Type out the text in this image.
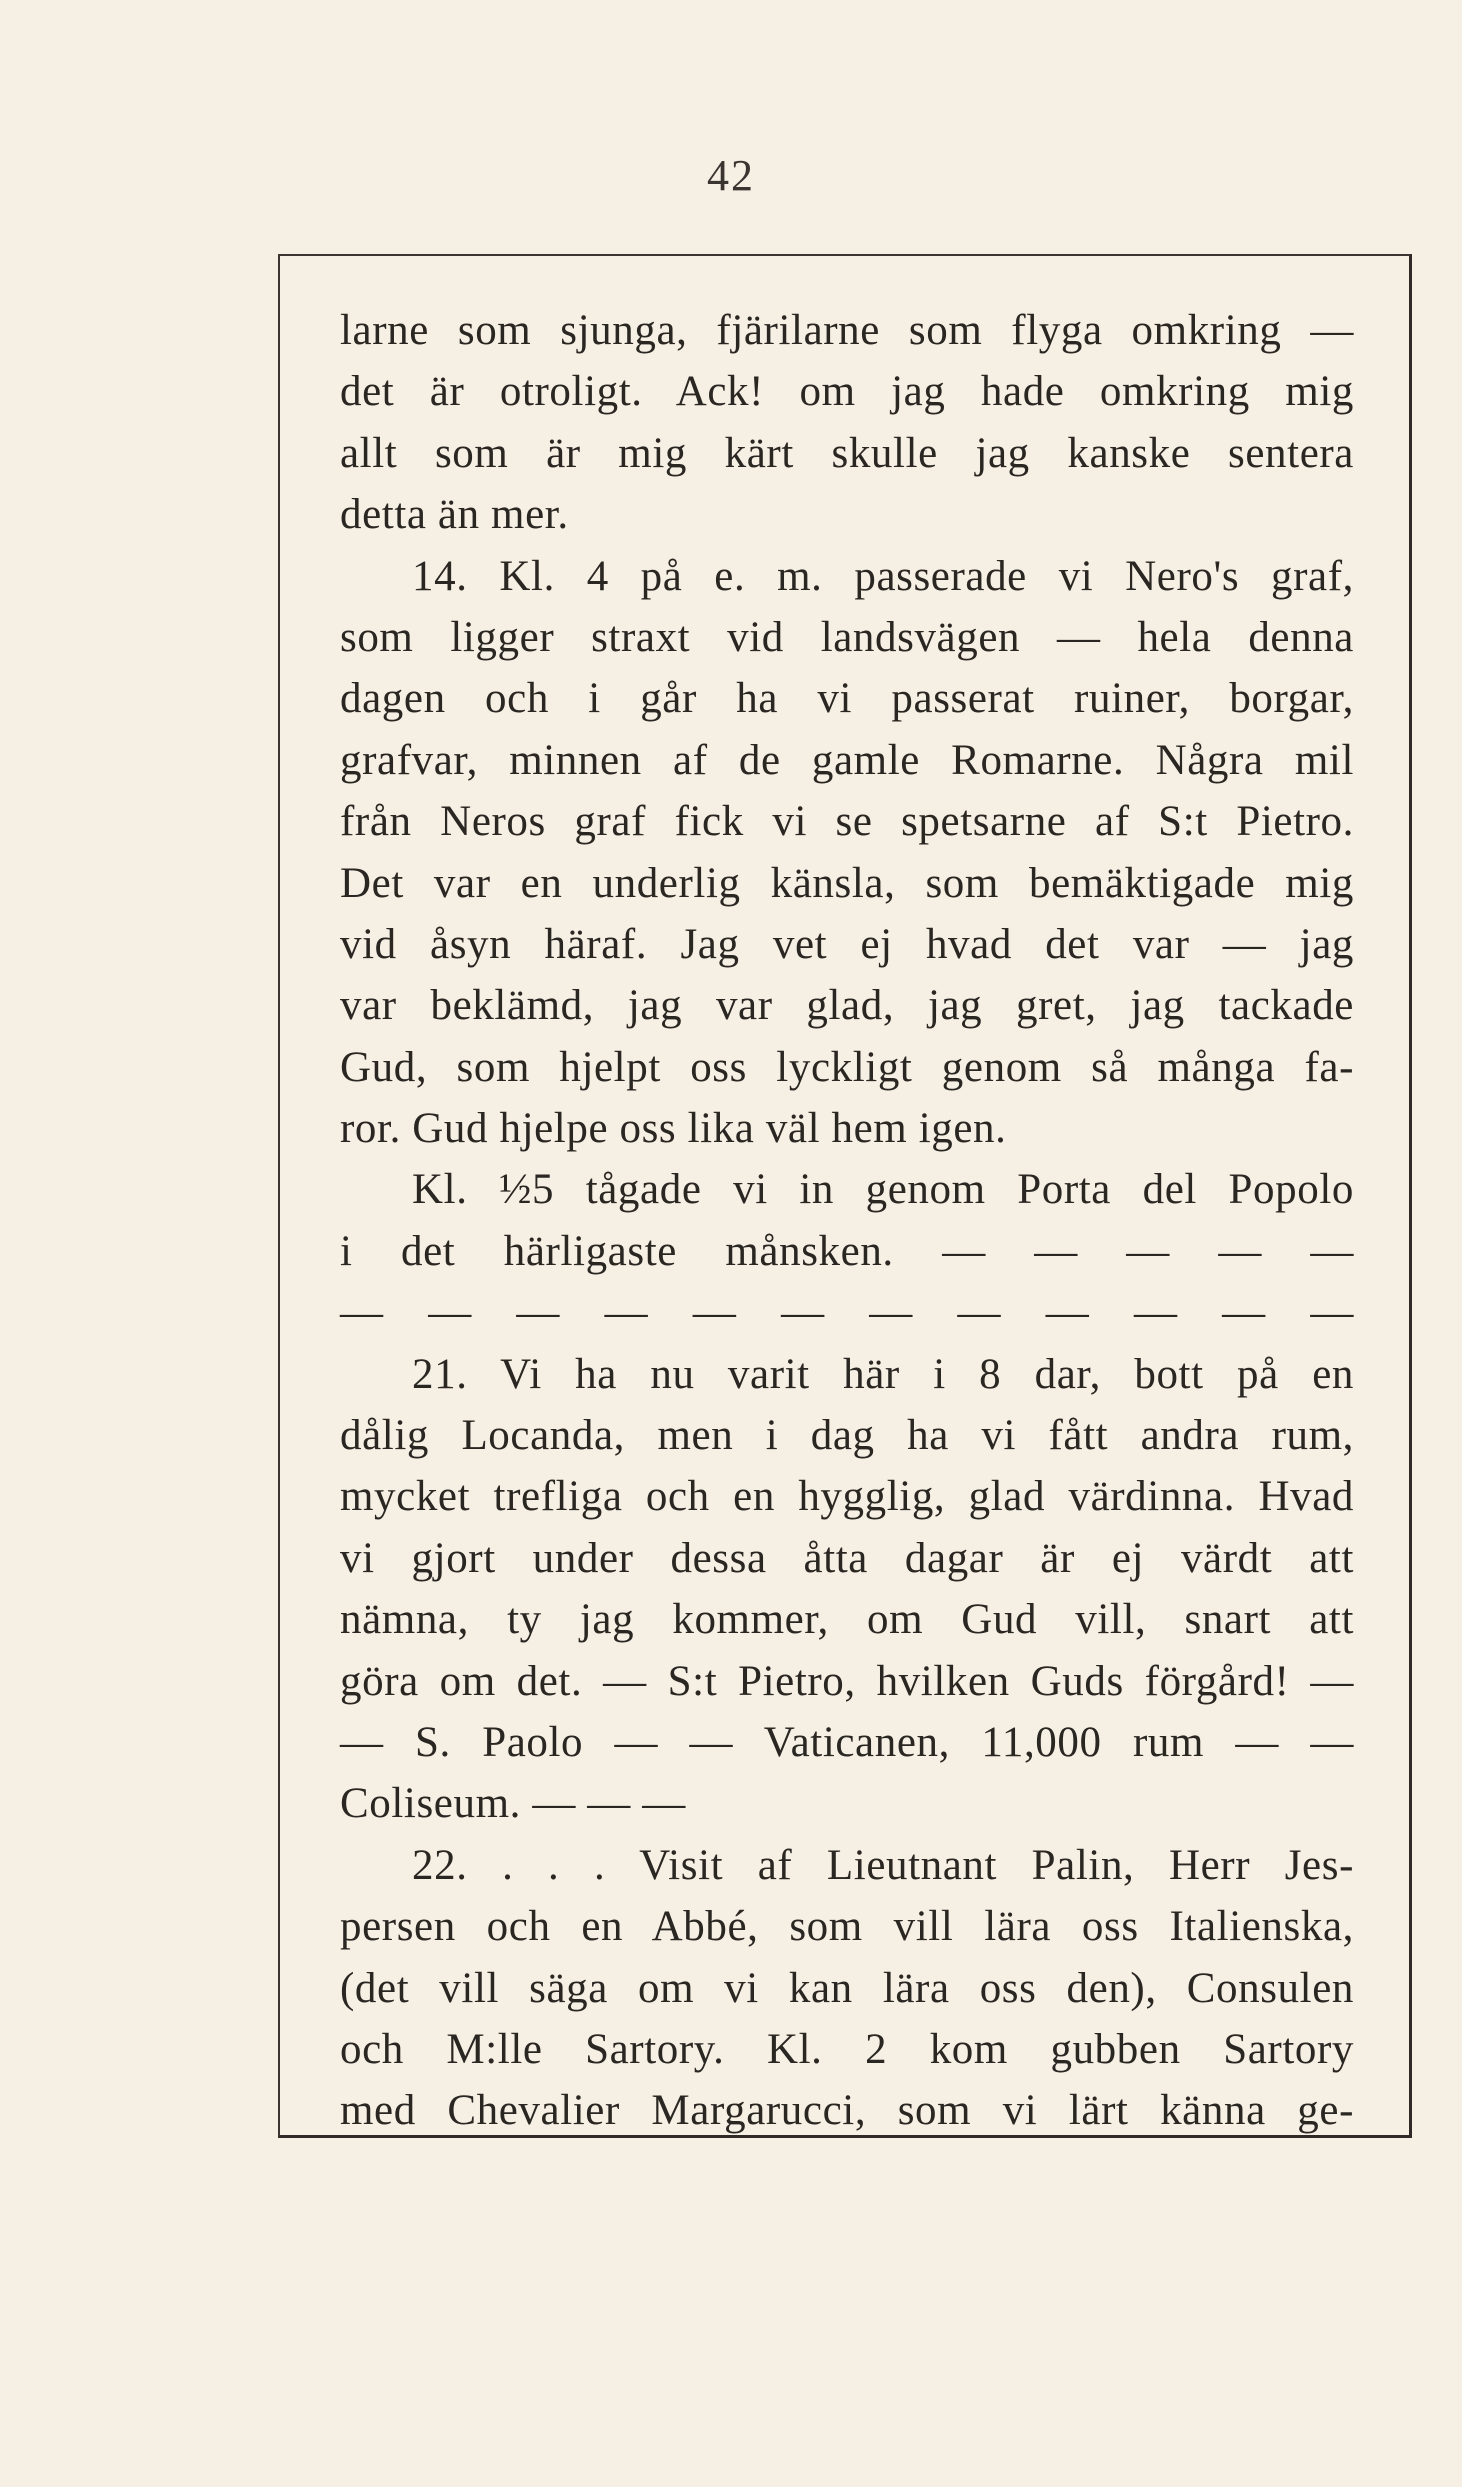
42
larne som sjunga, fjärilarne som flyga omkring —
det är otroligt. Ack! om jag hade omkring mig
allt som är mig kärt skulle jag kanske sentera
detta än mer.
14. Kl. 4 på e. m. passerade vi Nero's graf,
som ligger straxt vid landsvägen — hela denna
dagen och i går ha vi passerat ruiner, borgar,
grafvar, minnen af de gamle Romarne. Några mil
från Neros graf fick vi se spetsarne af S:t Pietro.
Det var en underlig känsla, som bemäktigade mig
vid åsyn häraf. Jag vet ej hvad det var — jag
var beklämd, jag var glad, jag gret, jag tackade
Gud, som hjelpt oss lyckligt genom så många fa-
ror. Gud hjelpe oss lika väl hem igen.
Kl. ½5 tågade vi in genom Porta del Popolo
i det härligaste månsken. — — — — —
— — — — — — — — — — — —
21. Vi ha nu varit här i 8 dar, bott på en
dålig Locanda, men i dag ha vi fått andra rum,
mycket trefliga och en hygglig, glad värdinna. Hvad
vi gjort under dessa åtta dagar är ej värdt att
nämna, ty jag kommer, om Gud vill, snart att
göra om det. — S:t Pietro, hvilken Guds förgård! —
— S. Paolo — — Vaticanen, 11,000 rum — —
Coliseum. — — —
22. . . . Visit af Lieutnant Palin, Herr Jes-
persen och en Abbé, som vill lära oss Italienska,
(det vill säga om vi kan lära oss den), Consulen
och M:lle Sartory. Kl. 2 kom gubben Sartory
med Chevalier Margarucci, som vi lärt känna ge-
